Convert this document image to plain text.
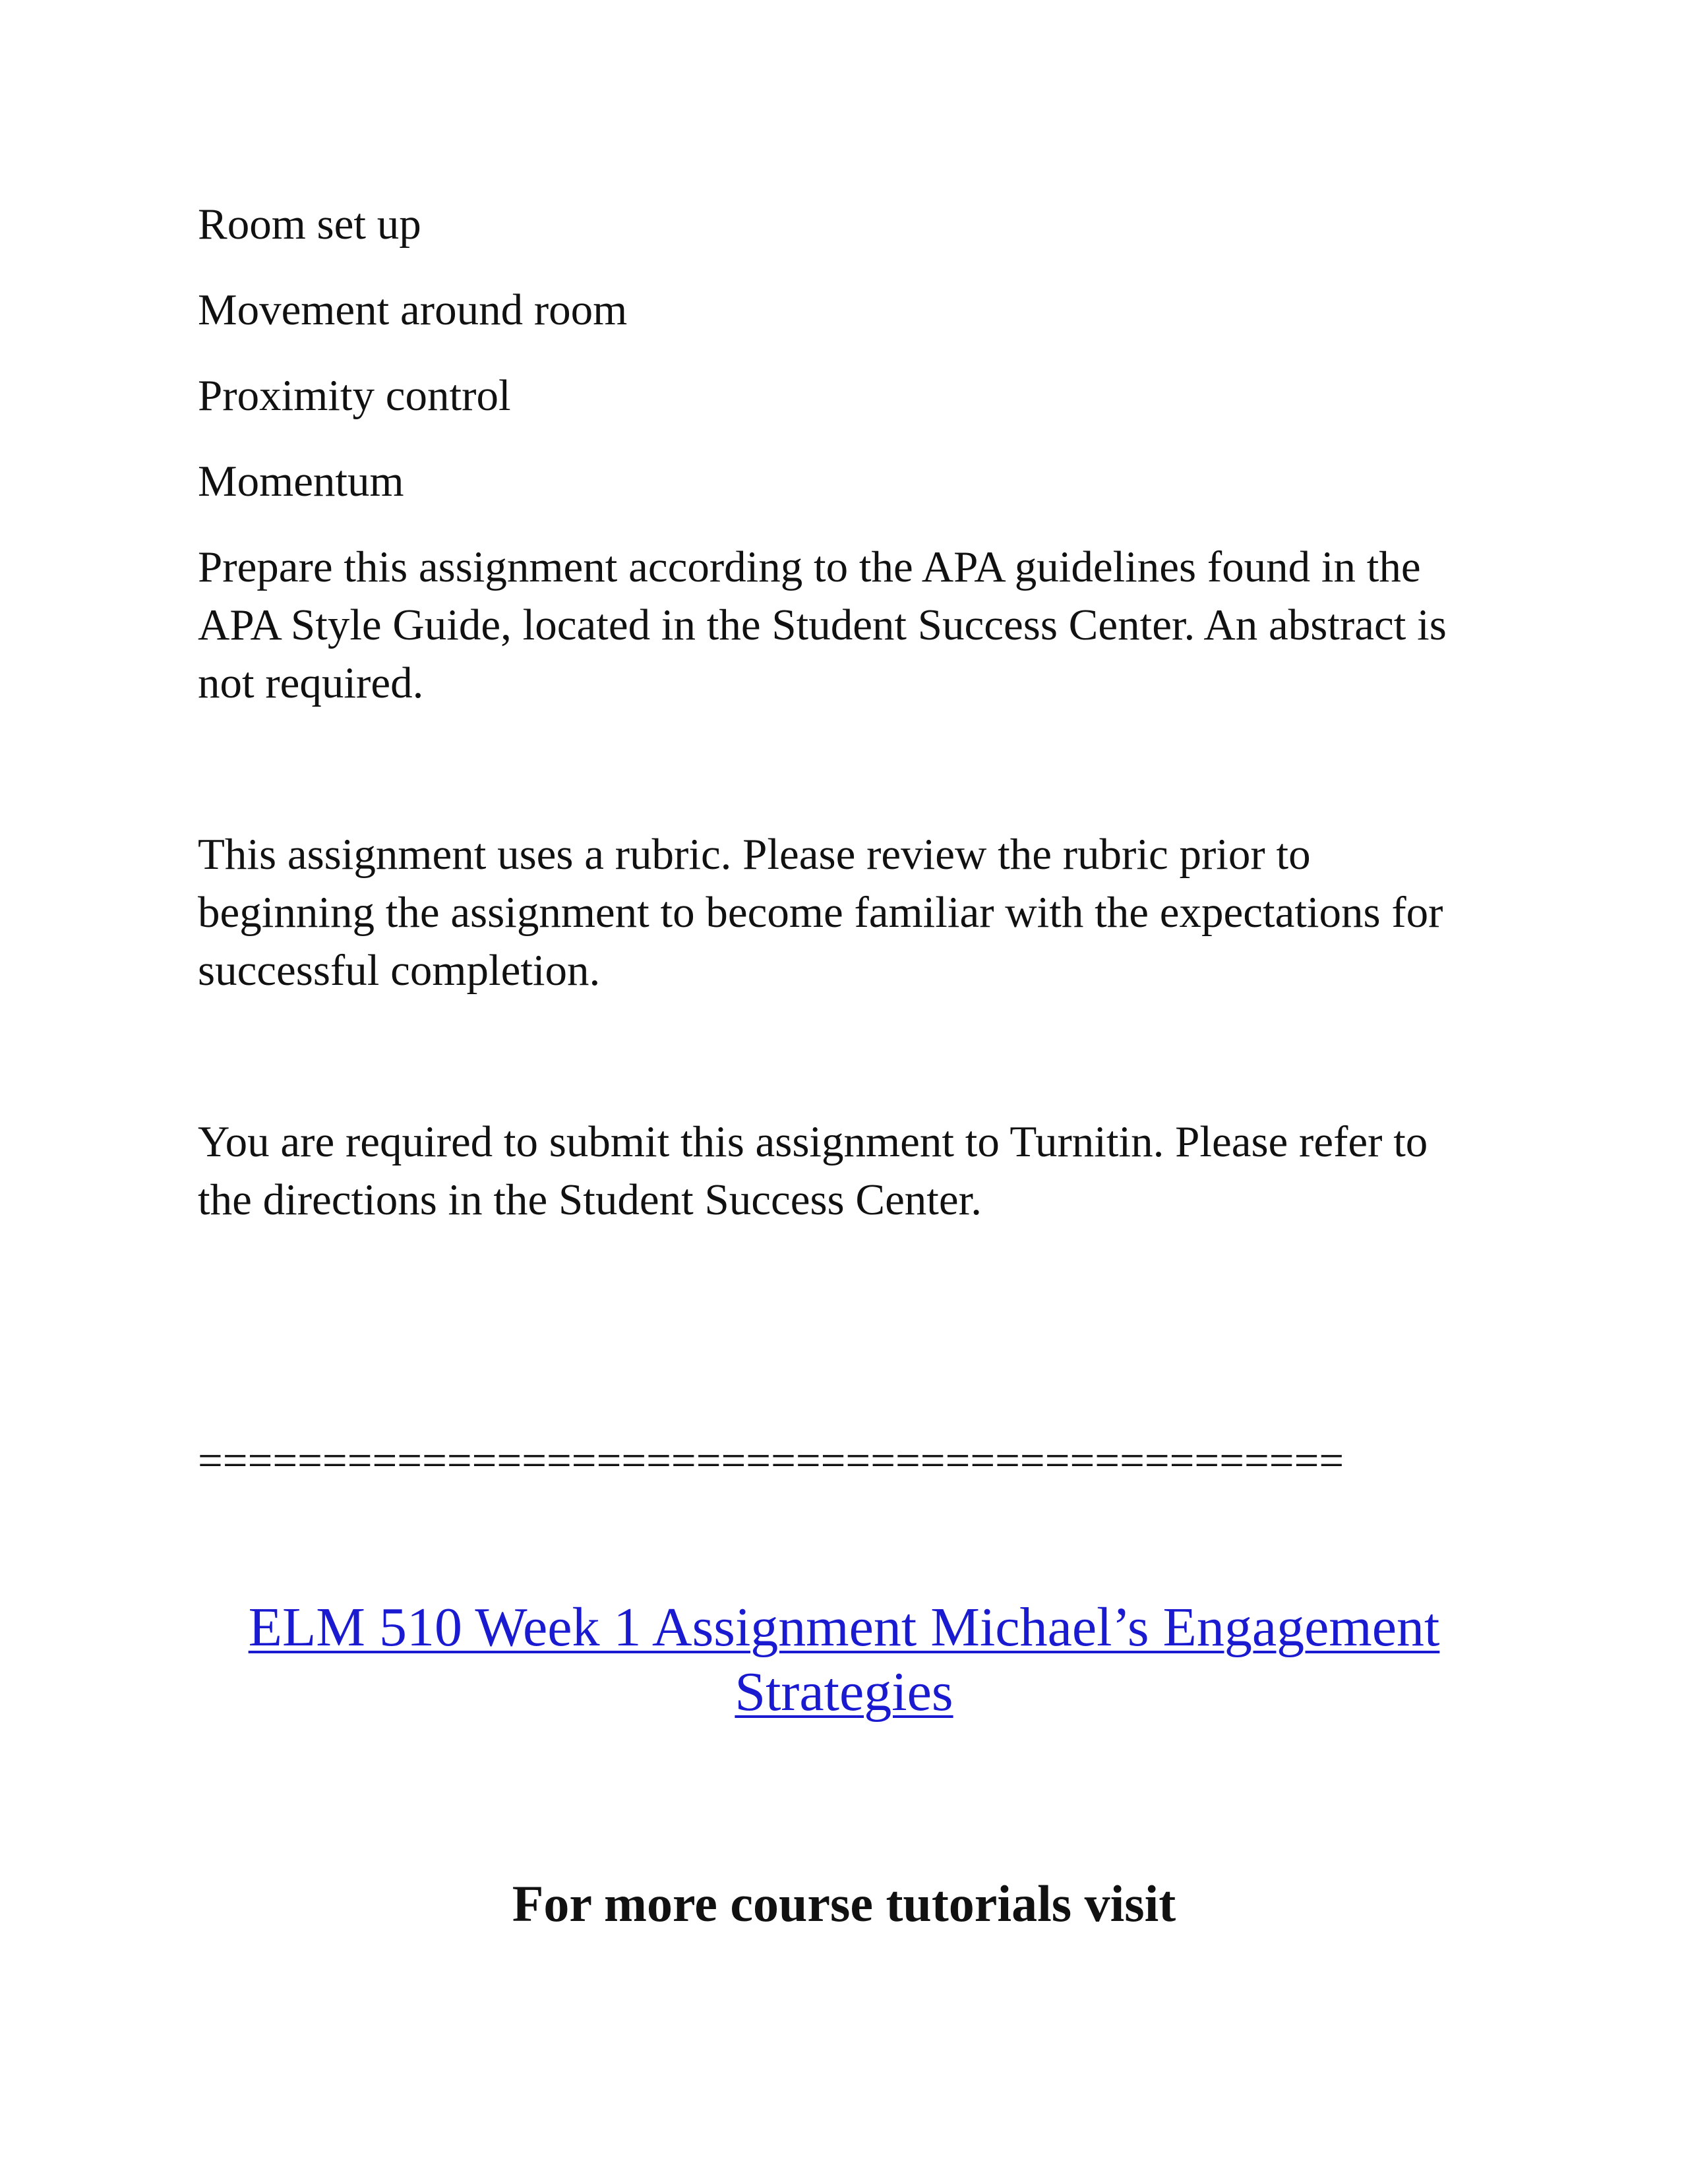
Room set up

Movement around room

Proximity control

Momentum

Prepare this assignment according to the APA guidelines found in the APA Style Guide, located in the Student Success Center. An abstract is not required.

This assignment uses a rubric. Please review the rubric prior to beginning the assignment to become familiar with the expectations for successful completion.

You are required to submit this assignment to Turnitin. Please refer to the directions in the Student Success Center.

==============================================

ELM 510 Week 1 Assignment Michael’s Engagement Strategies

For more course tutorials visit
